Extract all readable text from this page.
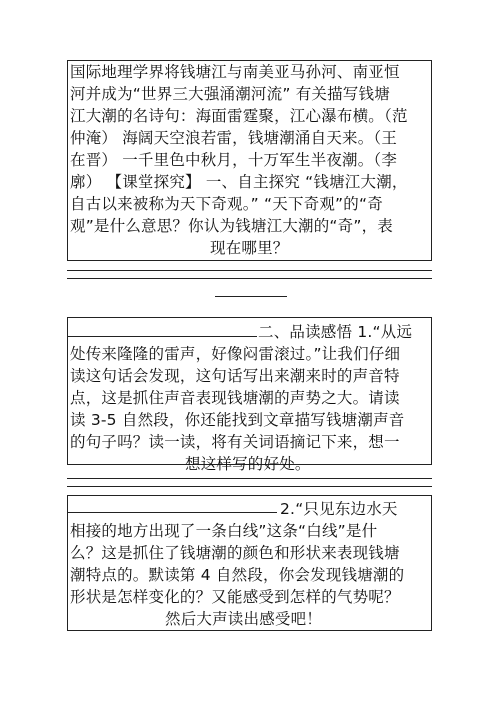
国际地理学界将钱塘江与南美亚马孙河、南亚恒
河并成为“世界三大强涌潮河流” 有关描写钱塘
江大潮的名诗句：海面雷霆聚，江心瀑布横。（范
仲淹） 海阔天空浪若雷，钱塘潮涌自天来。（王
在晋） 一千里色中秋月，十万军生半夜潮。（李
廓） 【课堂探究】 一、自主探究 “钱塘江大潮，
自古以来被称为天下奇观。” “天下奇观”的“奇
观”是什么意思？你认为钱塘江大潮的“奇”，表
现在哪里？
二、品读感悟 1.“从远
处传来隆隆的雷声，好像闷雷滚过。”让我们仔细
读这句话会发现，这句话写出来潮来时的声音特
点，这是抓住声音表现钱塘潮的声势之大。请读
读 3-5 自然段，你还能找到文章描写钱塘潮声音
的句子吗？读一读，将有关词语摘记下来，想一
想这样写的好处。
2.“只见东边水天
相接的地方出现了一条白线”这条“白线”是什
么？这是抓住了钱塘潮的颜色和形状来表现钱塘
潮特点的。默读第 4 自然段，你会发现钱塘潮的
形状是怎样变化的？又能感受到怎样的气势呢？
然后大声读出感受吧！
